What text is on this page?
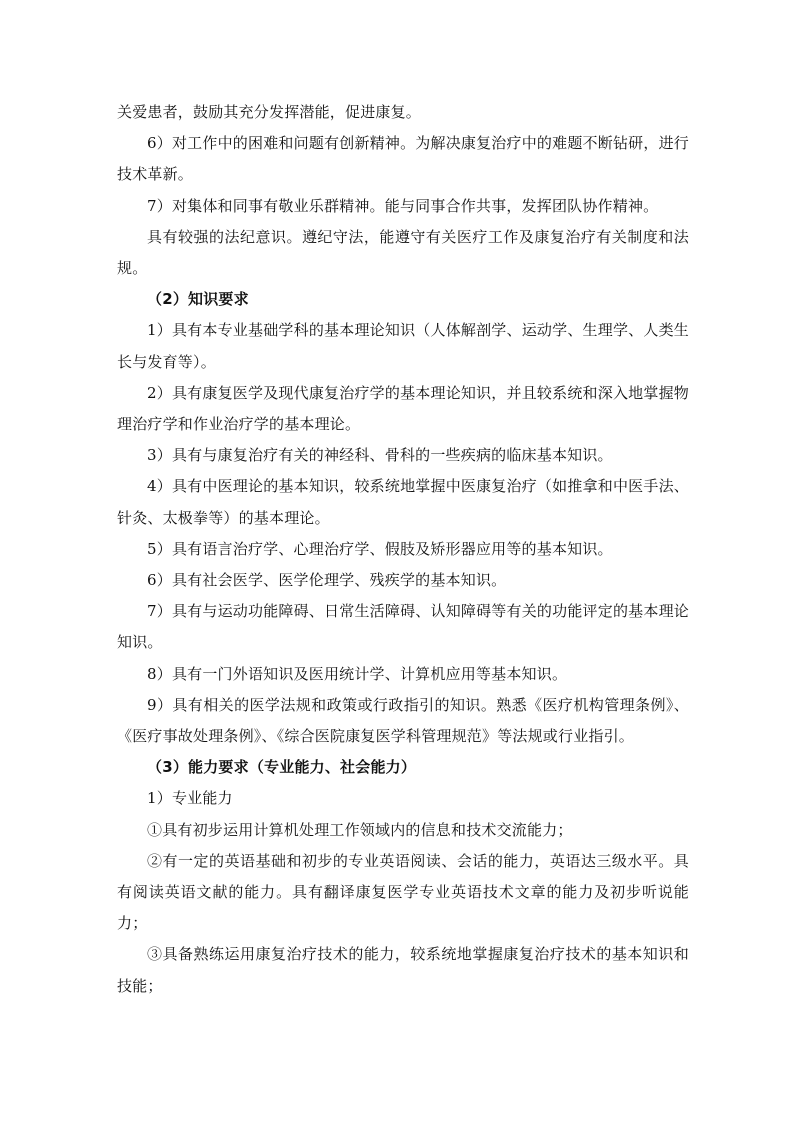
关爱患者，鼓励其充分发挥潜能，促进康复。

6）对工作中的困难和问题有创新精神。为解决康复治疗中的难题不断钻研，进行技术革新。

7）对集体和同事有敬业乐群精神。能与同事合作共事，发挥团队协作精神。

具有较强的法纪意识。遵纪守法，能遵守有关医疗工作及康复治疗有关制度和法规。

（2）知识要求

1）具有本专业基础学科的基本理论知识（人体解剖学、运动学、生理学、人类生长与发育等）。

2）具有康复医学及现代康复治疗学的基本理论知识，并且较系统和深入地掌握物理治疗学和作业治疗学的基本理论。

3）具有与康复治疗有关的神经科、骨科的一些疾病的临床基本知识。

4）具有中医理论的基本知识，较系统地掌握中医康复治疗（如推拿和中医手法、针灸、太极拳等）的基本理论。

5）具有语言治疗学、心理治疗学、假肢及矫形器应用等的基本知识。

6）具有社会医学、医学伦理学、残疾学的基本知识。

7）具有与运动功能障碍、日常生活障碍、认知障碍等有关的功能评定的基本理论知识。

8）具有一门外语知识及医用统计学、计算机应用等基本知识。

9）具有相关的医学法规和政策或行政指引的知识。熟悉《医疗机构管理条例》、《医疗事故处理条例》、《综合医院康复医学科管理规范》等法规或行业指引。

（3）能力要求（专业能力、社会能力）

1）专业能力

①具有初步运用计算机处理工作领域内的信息和技术交流能力；

②有一定的英语基础和初步的专业英语阅读、会话的能力，英语达三级水平。具有阅读英语文献的能力。具有翻译康复医学专业英语技术文章的能力及初步听说能力；

③具备熟练运用康复治疗技术的能力，较系统地掌握康复治疗技术的基本知识和技能；
